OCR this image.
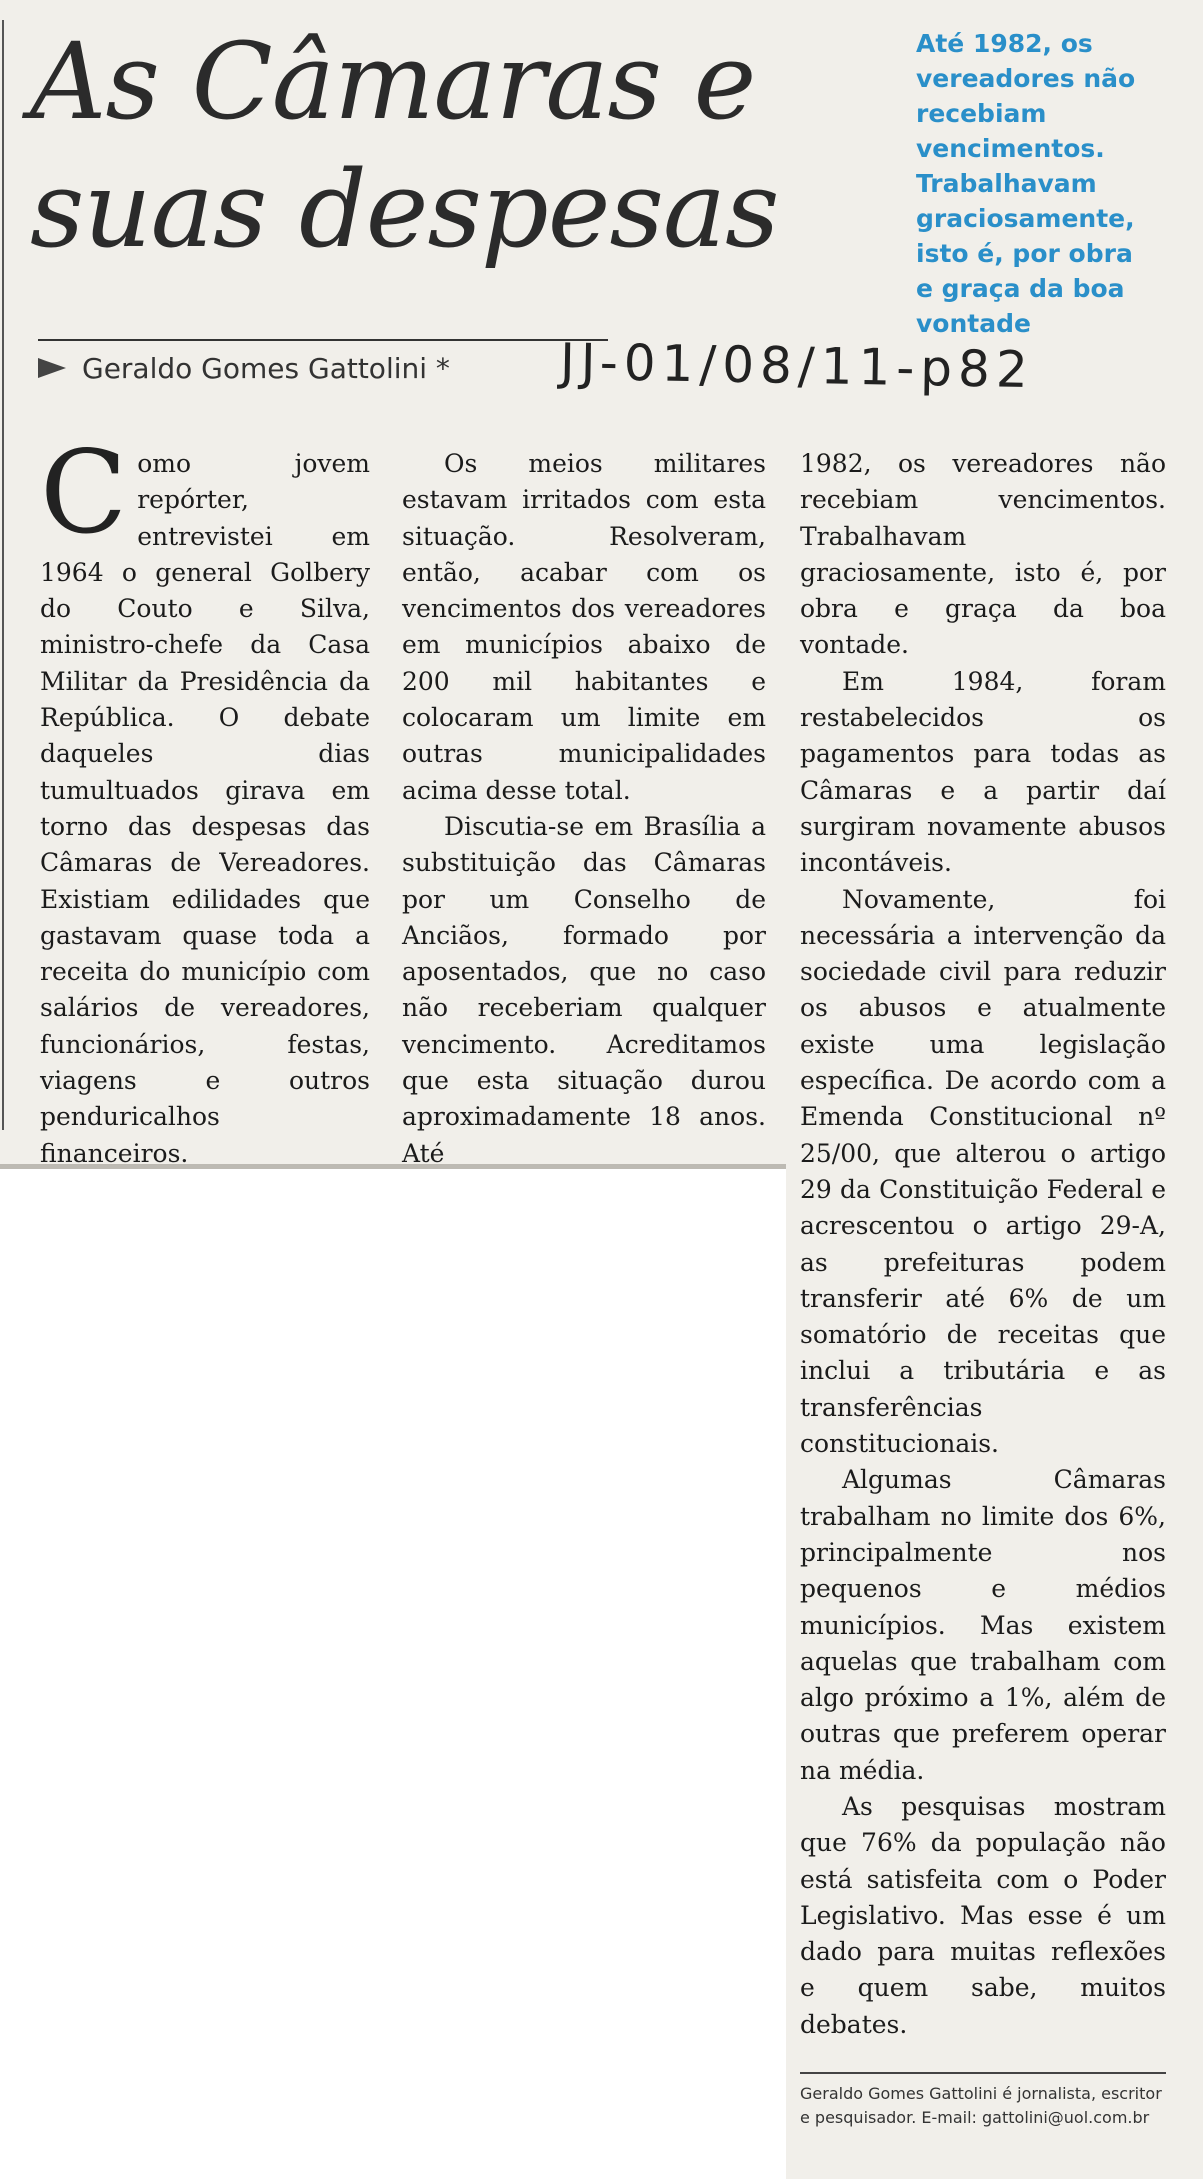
As Câmaras e suas despesas

Até 1982, os vereadores não recebiam vencimentos. Trabalhavam graciosamente, isto é, por obra e graça da boa vontade

Geraldo Gomes Gattolini * JJ-01/08/11-p82
C omo jovem repórter, entrevistei em 1964 o general Golbery do Couto e Silva, ministro-chefe da Casa Militar da Presidência da República. O debate daqueles dias tumultuados girava em torno das despesas das Câmaras de Vereadores. Existiam edilidades que gastavam quase toda a receita do município com salários de vereadores, funcionários, festas, viagens e outros penduricalhos financeiros.

Os meios militares estavam irritados com esta situação. Resolveram, então, acabar com os vencimentos dos vereadores em municípios abaixo de 200 mil habitantes e colocaram um limite em outras municipalidades acima desse total.

Discutia-se em Brasília a substituição das Câmaras por um Conselho de Anciãos, formado por aposentados, que no caso não receberiam qualquer vencimento. Acreditamos que esta situação durou aproximadamente 18 anos. Até

1982, os vereadores não recebiam vencimentos. Trabalhavam graciosamente, isto é, por obra e graça da boa vontade.

Em 1984, foram restabelecidos os pagamentos para todas as Câmaras e a partir daí surgiram novamente abusos incontáveis.

Novamente, foi necessária a intervenção da sociedade civil para reduzir os abusos e atualmente existe uma legislação específica. De acordo com a Emenda Constitucional nº 25/00, que alterou o artigo 29 da Constituição Federal e acrescentou o artigo 29-A, as prefeituras podem transferir até 6% de um somatório de receitas que inclui a tributária e as transferências constitucionais.

Algumas Câmaras trabalham no limite dos 6%, principalmente nos pequenos e médios municípios. Mas existem aquelas que trabalham com algo próximo a 1%, além de outras que preferem operar na média.

As pesquisas mostram que 76% da população não está satisfeita com o Poder Legislativo. Mas esse é um dado para muitas reflexões e quem sabe, muitos debates.

Geraldo Gomes Gattolini é jornalista, escritor e pesquisador. E-mail: gattolini@uol.com.br
